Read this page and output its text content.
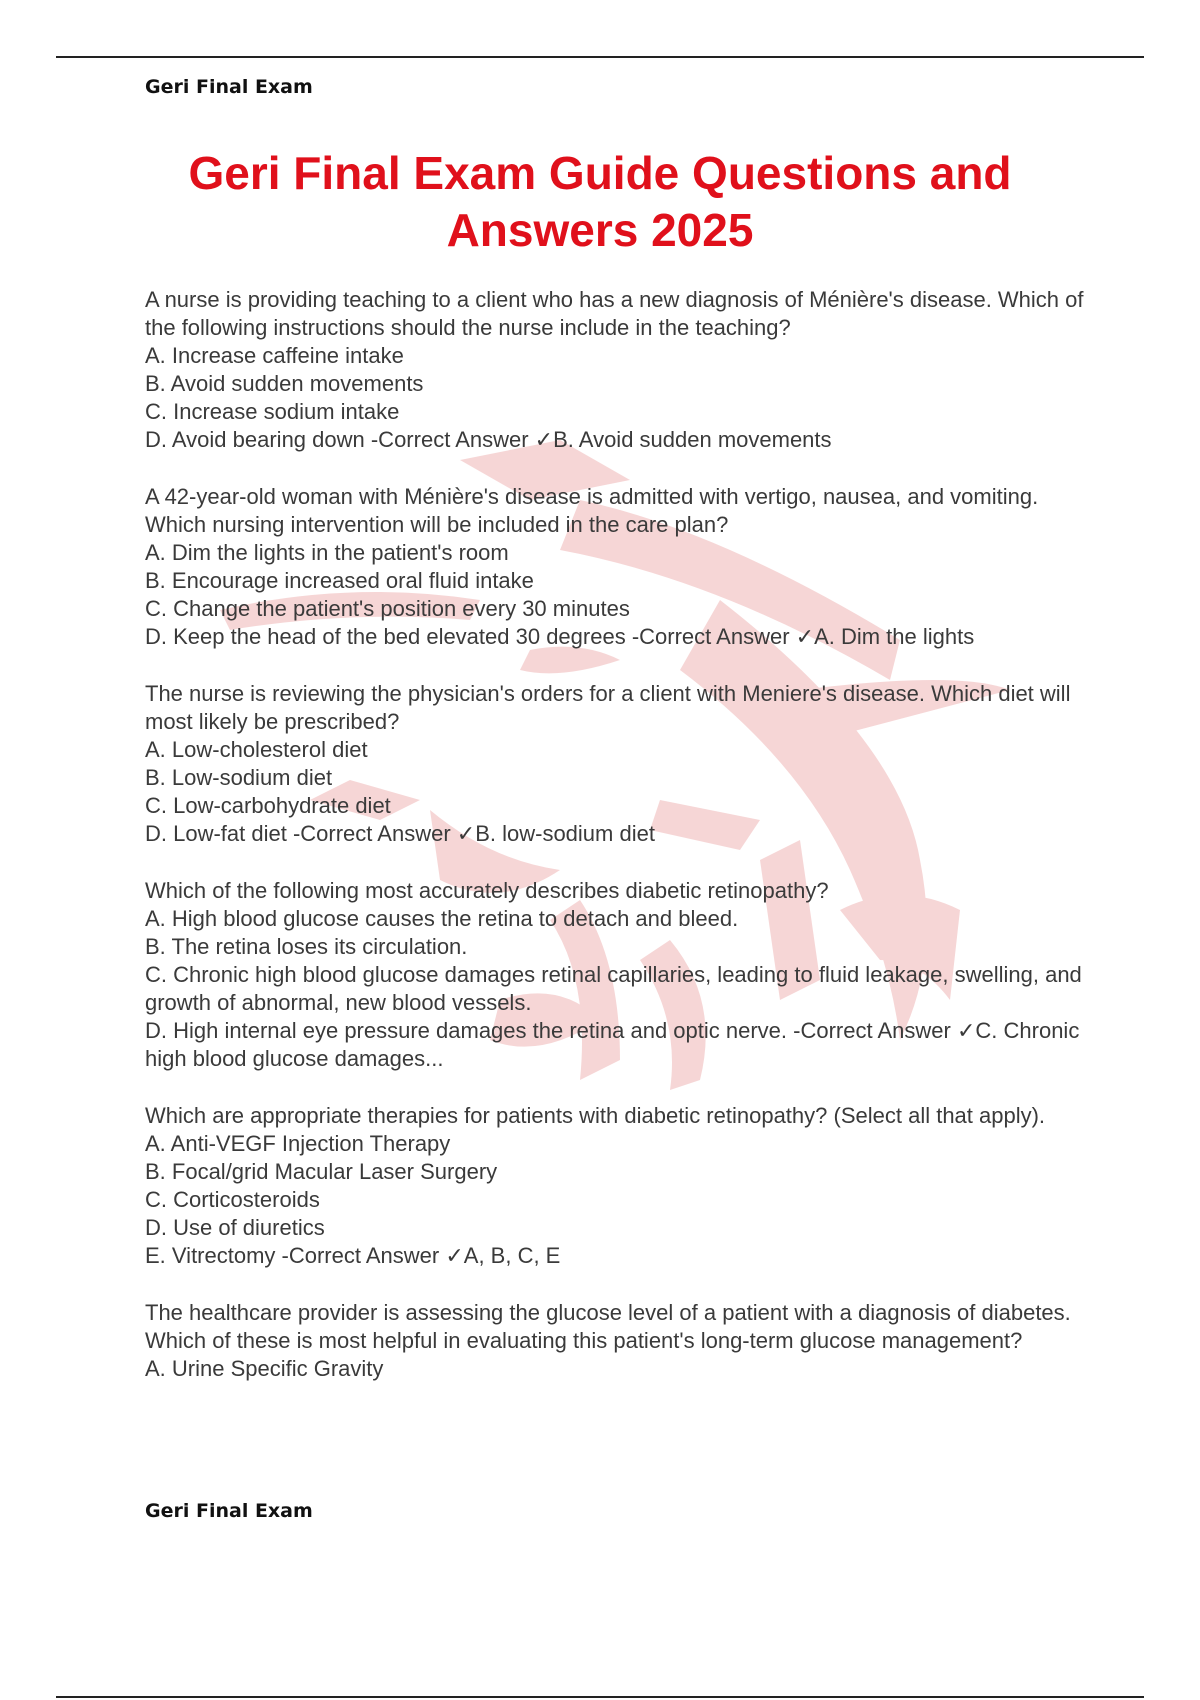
Geri Final Exam
Geri Final Exam Guide Questions and Answers 2025

A nurse is providing teaching to a client who has a new diagnosis of Ménière's disease. Which of the following instructions should the nurse include in the teaching?

A. Increase caffeine intake

B. Avoid sudden movements

C. Increase sodium intake

D. Avoid bearing down -Correct Answer ✓B. Avoid sudden movements

A 42-year-old woman with Ménière's disease is admitted with vertigo, nausea, and vomiting. Which nursing intervention will be included in the care plan?

A. Dim the lights in the patient's room

B. Encourage increased oral fluid intake

C. Change the patient's position every 30 minutes

D. Keep the head of the bed elevated 30 degrees -Correct Answer ✓A. Dim the lights

The nurse is reviewing the physician's orders for a client with Meniere's disease. Which diet will most likely be prescribed?

A. Low-cholesterol diet

B. Low-sodium diet

C. Low-carbohydrate diet

D. Low-fat diet -Correct Answer ✓B. low-sodium diet

Which of the following most accurately describes diabetic retinopathy?

A. High blood glucose causes the retina to detach and bleed.

B. The retina loses its circulation.

C. Chronic high blood glucose damages retinal capillaries, leading to fluid leakage, swelling, and growth of abnormal, new blood vessels.

D. High internal eye pressure damages the retina and optic nerve. -Correct Answer ✓C. Chronic high blood glucose damages...

Which are appropriate therapies for patients with diabetic retinopathy? (Select all that apply).

A. Anti-VEGF Injection Therapy

B. Focal/grid Macular Laser Surgery

C. Corticosteroids

D. Use of diuretics

E. Vitrectomy -Correct Answer ✓A, B, C, E

The healthcare provider is assessing the glucose level of a patient with a diagnosis of diabetes. Which of these is most helpful in evaluating this patient's long-term glucose management?

A. Urine Specific Gravity

Geri Final Exam
